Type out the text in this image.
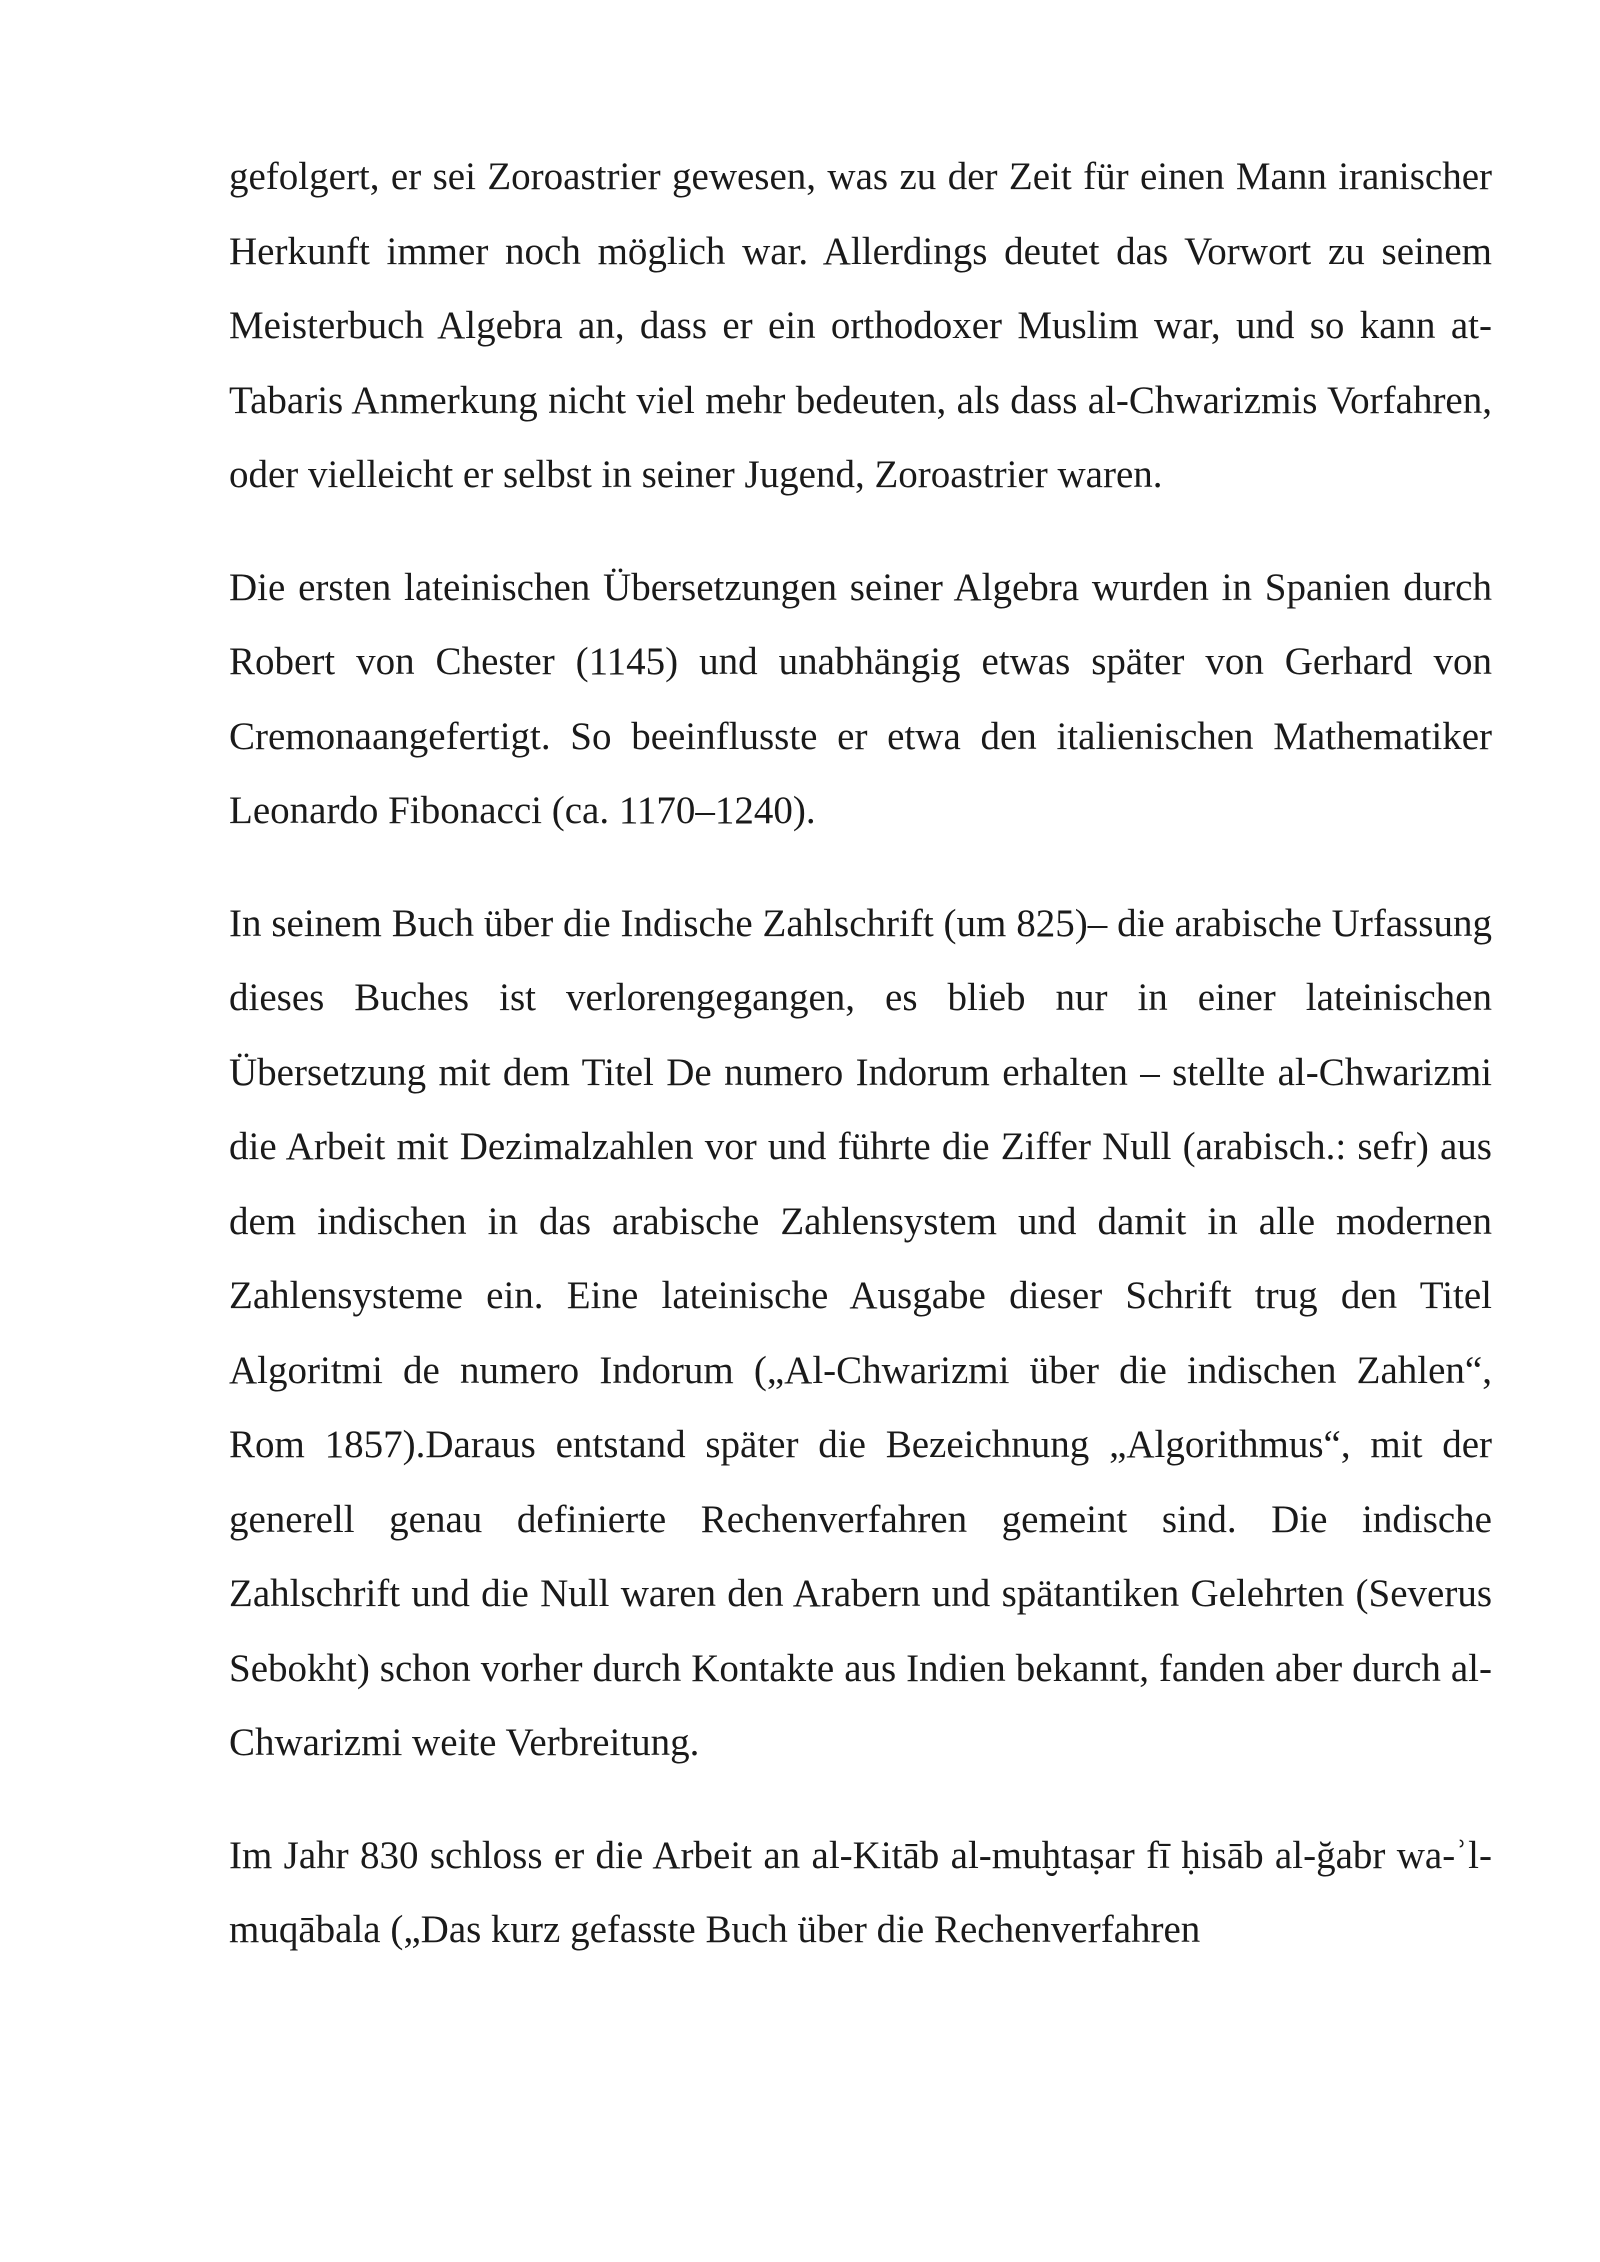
gefolgert, er sei Zoroastrier gewesen, was zu der Zeit für einen Mann iranischer Herkunft immer noch möglich war. Allerdings deutet das Vorwort zu seinem Meisterbuch Algebra an, dass er ein orthodoxer Muslim war, und so kann at-Tabaris Anmerkung nicht viel mehr bedeuten, als dass al-Chwarizmis Vorfahren, oder vielleicht er selbst in seiner Jugend, Zoroastrier waren.

Die ersten lateinischen Übersetzungen seiner Algebra wurden in Spanien durch Robert von Chester (1145) und unabhängig etwas später von Gerhard von Cremonaangefertigt. So beeinflusste er etwa den italienischen Mathematiker Leonardo Fibonacci (ca. 1170–1240).

In seinem Buch über die Indische Zahlschrift (um 825)– die arabische Urfassung dieses Buches ist verlorengegangen, es blieb nur in einer lateinischen Übersetzung mit dem Titel De numero Indorum erhalten – stellte al-Chwarizmi die Arbeit mit Dezimalzahlen vor und führte die Ziffer Null (arabisch.: sefr) aus dem indischen in das arabische Zahlensystem und damit in alle modernen Zahlensysteme ein. Eine lateinische Ausgabe dieser Schrift trug den Titel Algoritmi de numero Indorum („Al-Chwarizmi über die indischen Zahlen“, Rom 1857).Daraus entstand später die Bezeichnung „Algorithmus“, mit der generell genau definierte Rechenverfahren gemeint sind. Die indische Zahlschrift und die Null waren den Arabern und spätantiken Gelehrten (Severus Sebokht) schon vorher durch Kontakte aus Indien bekannt, fanden aber durch al-Chwarizmi weite Verbreitung.

Im Jahr 830 schloss er die Arbeit an al-Kitāb al-muḫtaṣar fī ḥisāb al-ğabr wa-ʾl-muqābala („Das kurz gefasste Buch über die Rechenverfahren
